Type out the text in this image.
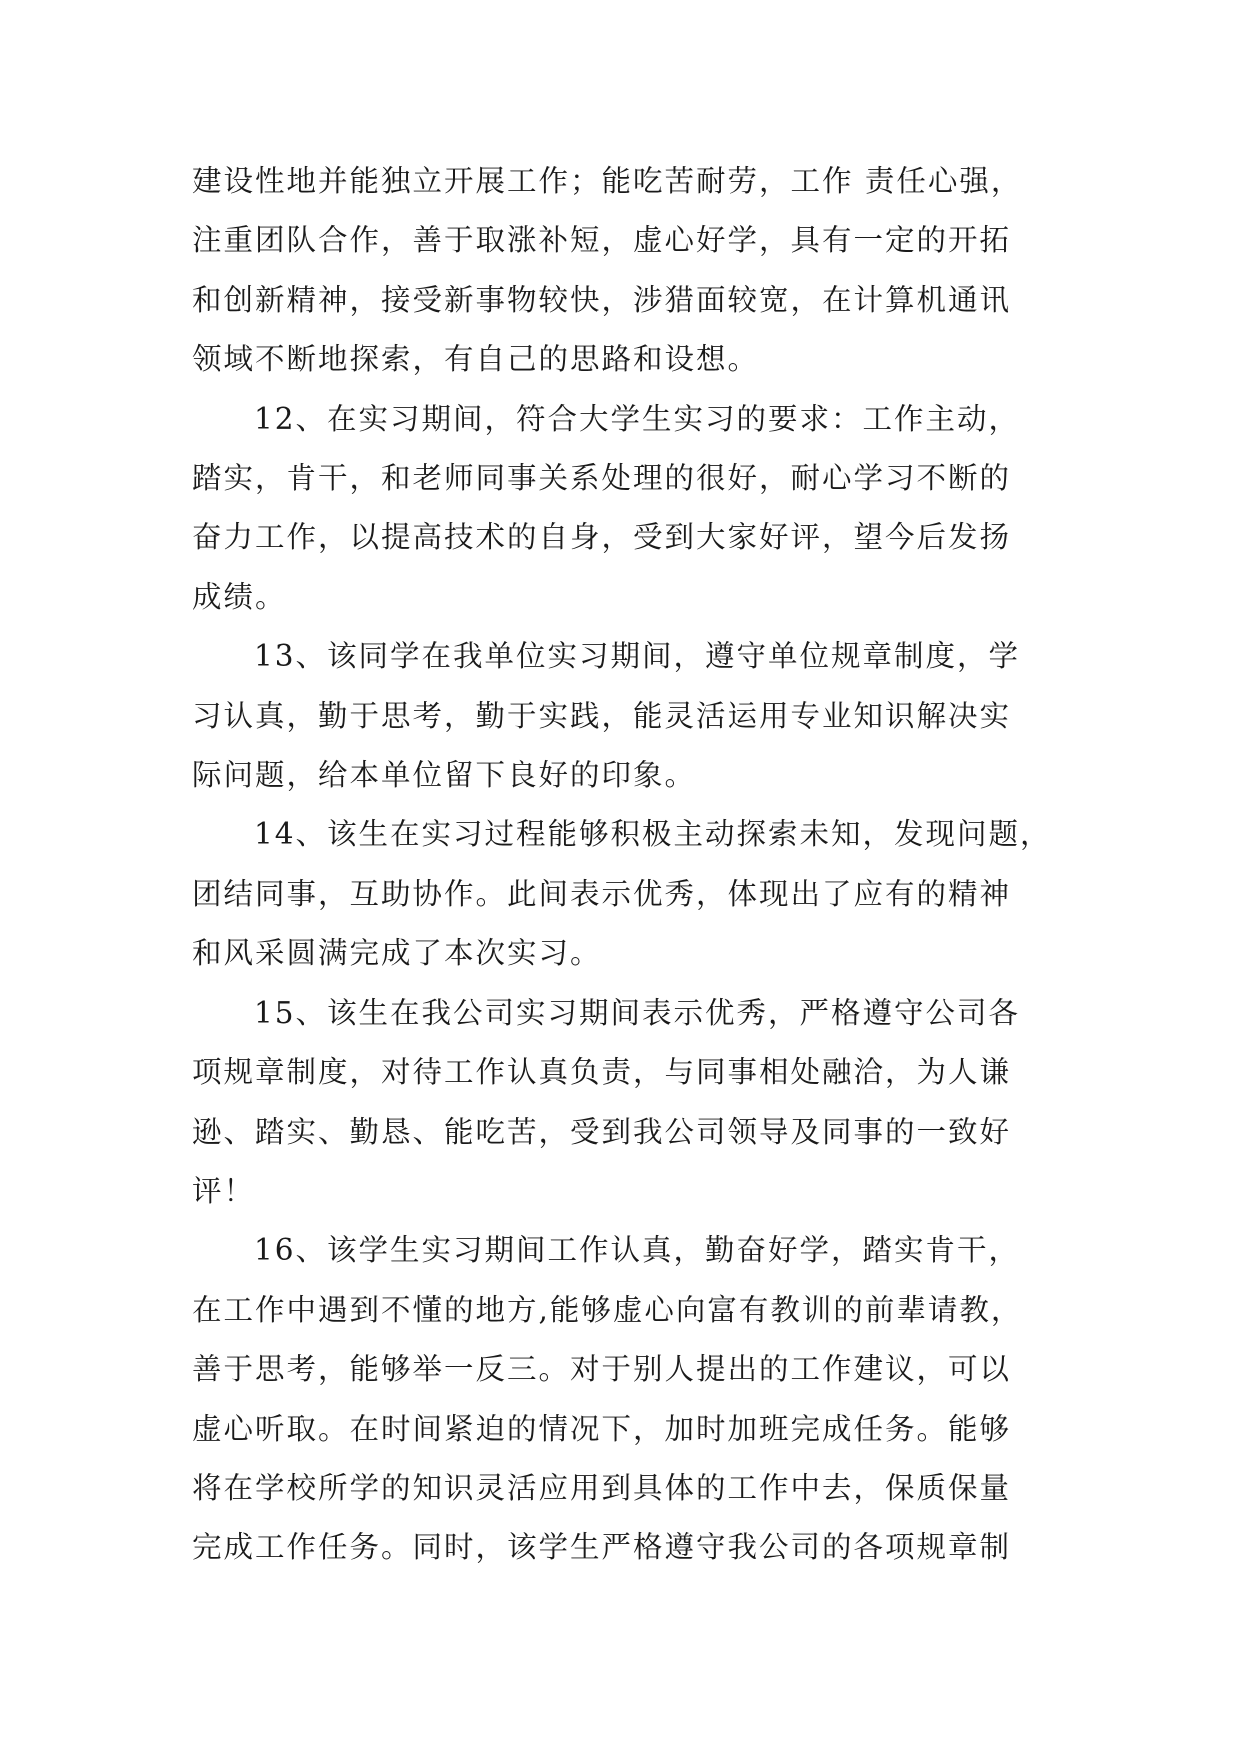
建设性地并能独立开展工作；能吃苦耐劳，工作 责任心强，
注重团队合作，善于取涨补短，虚心好学，具有一定的开拓
和创新精神，接受新事物较快，涉猎面较宽，在计算机通讯
领域不断地探索，有自己的思路和设想。

12、在实习期间，符合大学生实习的要求：工作主动，
踏实，肯干，和老师同事关系处理的很好，耐心学习不断的
奋力工作，以提高技术的自身，受到大家好评，望今后发扬
成绩。

13、该同学在我单位实习期间，遵守单位规章制度，学
习认真，勤于思考，勤于实践，能灵活运用专业知识解决实
际问题，给本单位留下良好的印象。

14、该生在实习过程能够积极主动探索未知，发现问题，
团结同事，互助协作。此间表示优秀，体现出了应有的精神
和风采圆满完成了本次实习。

15、该生在我公司实习期间表示优秀，严格遵守公司各
项规章制度，对待工作认真负责，与同事相处融洽，为人谦
逊、踏实、勤恳、能吃苦，受到我公司领导及同事的一致好
评！

16、该学生实习期间工作认真，勤奋好学，踏实肯干，
在工作中遇到不懂的地方,能够虚心向富有教训的前辈请教，
善于思考，能够举一反三。对于别人提出的工作建议，可以
虚心听取。在时间紧迫的情况下，加时加班完成任务。能够
将在学校所学的知识灵活应用到具体的工作中去，保质保量
完成工作任务。同时，该学生严格遵守我公司的各项规章制
